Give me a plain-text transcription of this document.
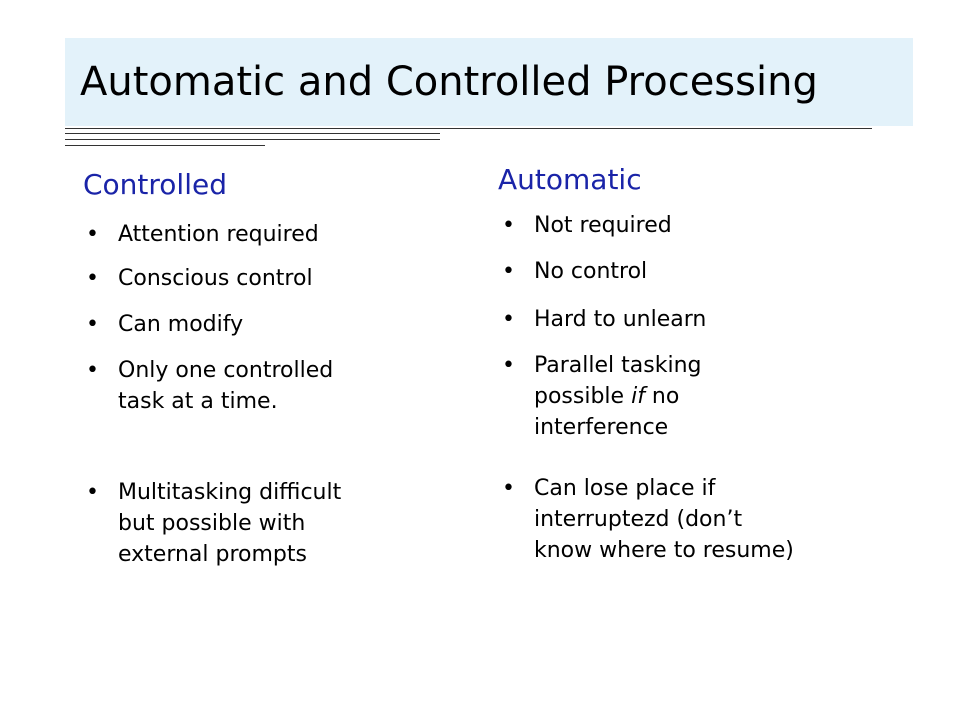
Automatic and Controlled Processing
Controlled
• Attention required
• Conscious control
• Can modify
• Only one controlled
task at a time.
• Multitasking difficult
but possible with
external prompts
Automatic
• Not required
• No control
• Hard to unlearn
• Parallel tasking
possible if no
interference
• Can lose place if
interruptezd (don’t
know where to resume)
